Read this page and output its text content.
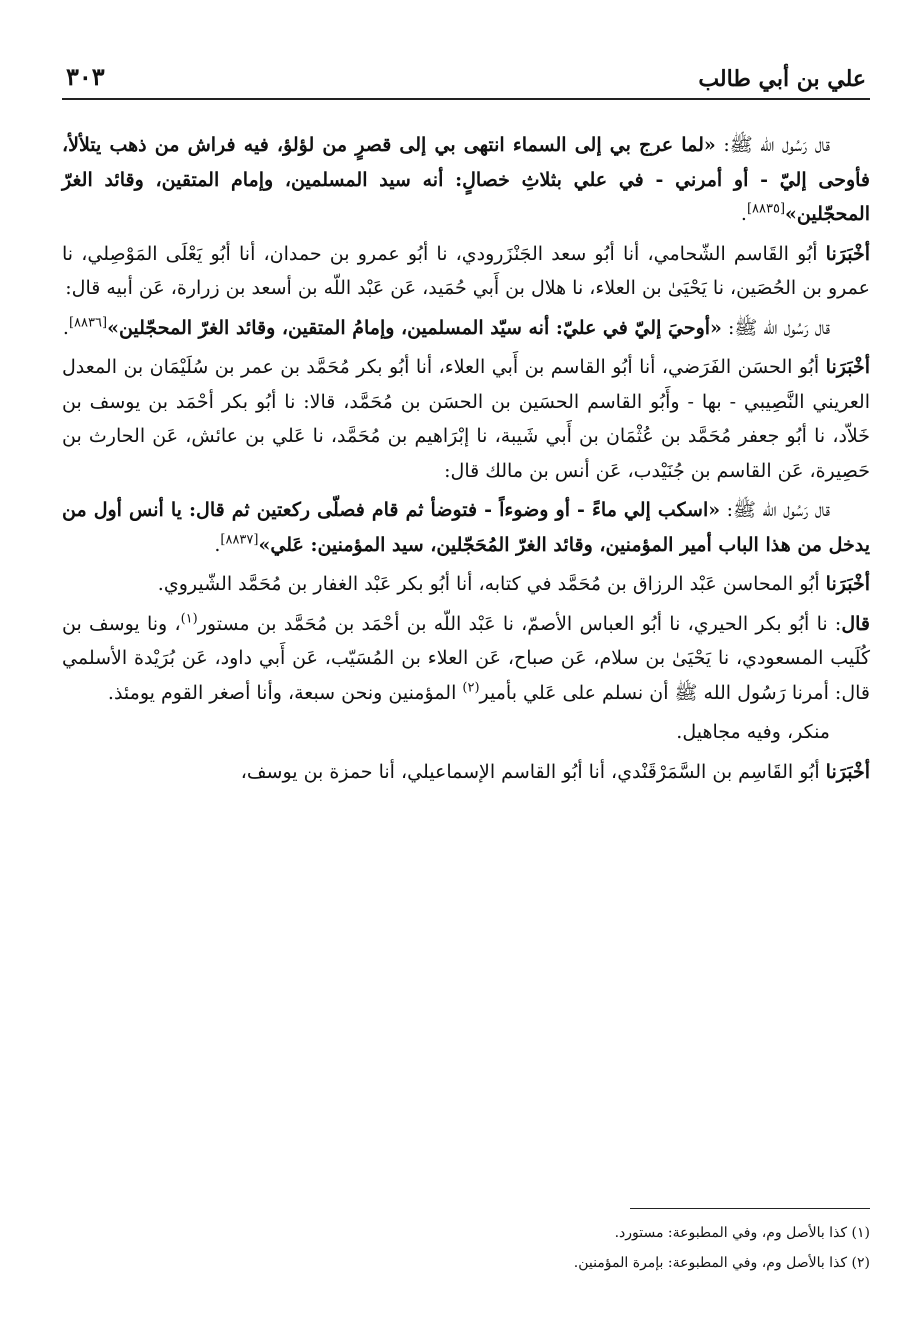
علي بن أبي طالب
٣٠٣

قال رَسُول الله ﷺ: «لما عرج بي إلى السماء انتهى بي إلى قصرٍ من لؤلؤ، فيه فراش من ذهب يتلألأ، فأوحى إليّ - أو أمرني - في علي بثلاثِ خصالٍ: أنه سيد المسلمين، وإمام المتقين، وقائد الغرّ المحجّلين»[٨٨٣٥].

أخْبَرَنا أبُو القَاسم الشّحامي، أنا أبُو سعد الجَنْزَرودي، نا أبُو عمرو بن حمدان، أنا أبُو يَعْلَى المَوْصِلي، نا عمرو بن الحُصَين، نا يَحْيَىٰ بن العلاء، نا هلال بن أَبي حُمَيد، عَن عَبْد اللّه بن أسعد بن زرارة، عَن أبيه قال:

قال رَسُول الله ﷺ: «أوحيَ إليّ في عليّ: أنه سيّد المسلمين، وإمامُ المتقين، وقائد الغرّ المحجّلين»[٨٨٣٦].

أخْبَرَنا أبُو الحسَن الفَرَضي، أنا أبُو القاسم بن أَبي العلاء، أنا أبُو بكر مُحَمَّد بن عمر بن سُلَيْمَان بن المعدل العريني النَّصِيبي - بها - وأَبُو القاسم الحسَين بن الحسَن بن مُحَمَّد، قالا: نا أبُو بكر أحْمَد بن يوسف بن خَلاّد، نا أبُو جعفر مُحَمَّد بن عُثْمَان بن أَبي شَيبة، نا إبْرَاهيم بن مُحَمَّد، نا عَلي بن عائش، عَن الحارث بن حَصِيرة، عَن القاسم بن جُنَيْدب، عَن أنس بن مالك قال:

قال رَسُول الله ﷺ: «اسكب إلي ماءً - أو وضوءاً - فتوضأ ثم قام فصلّى ركعتين ثم قال: يا أنس أول من يدخل من هذا الباب أمير المؤمنين، وقائد الغرّ المُحَجّلين، سيد المؤمنين: عَلي»[٨٨٣٧].

أخْبَرَنا أبُو المحاسن عَبْد الرزاق بن مُحَمَّد في كتابه، أنا أبُو بكر عَبْد الغفار بن مُحَمَّد الشّيروي.

قال: نا أبُو بكر الحيري، نا أبُو العباس الأصمّ، نا عَبْد اللّه بن أحْمَد بن مُحَمَّد بن مستور$^{(١)}$، ونا يوسف بن كُلَيب المسعودي، نا يَحْيَىٰ بن سلام، عَن صباح، عَن العلاء بن المُسَيّب، عَن أَبي داود، عَن بُرَيْدة الأسلمي قال: أمرنا رَسُول الله ﷺ أن نسلم على عَلي بأمير$^{(٢)}$ المؤمنين ونحن سبعة، وأنا أصغر القوم يومئذ.

منكر، وفيه مجاهيل.

أخْبَرَنا أبُو القَاسِم بن السَّمَرْقَنْدي، أنا أبُو القاسم الإسماعيلي، أنا حمزة بن يوسف،

(١) كذا بالأصل وم، وفي المطبوعة: مستورد.

(٢) كذا بالأصل وم، وفي المطبوعة: بإمرة المؤمنين.
